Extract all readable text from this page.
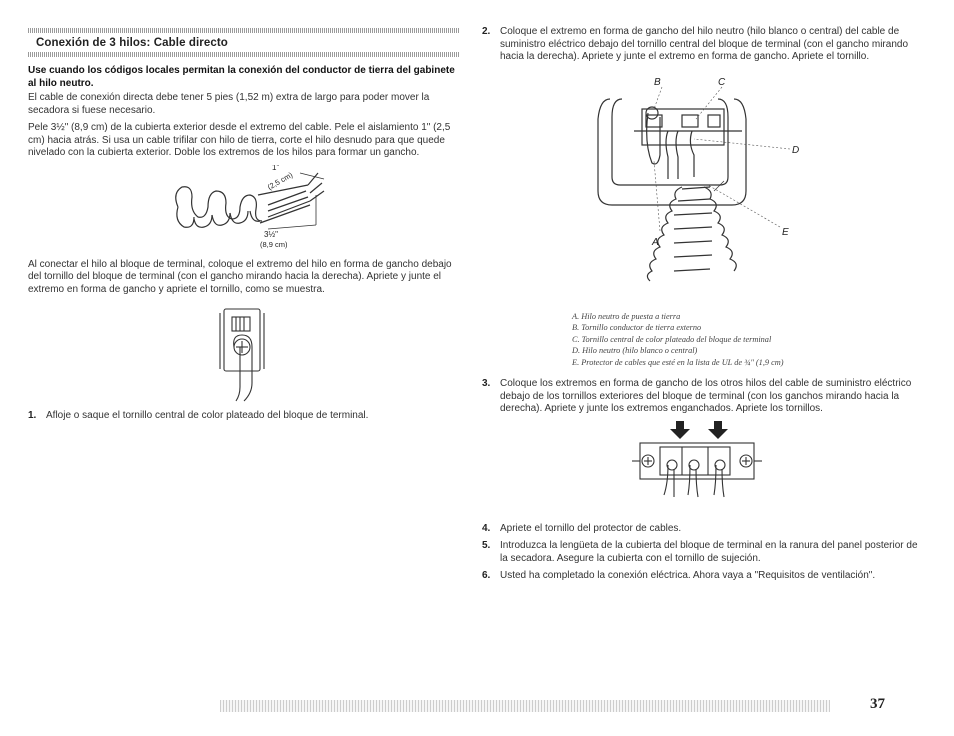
Conexión de 3 hilos: Cable directo
Use cuando los códigos locales permitan la conexión del conductor de tierra del gabinete al hilo neutro.

El cable de conexión directa debe tener 5 pies (1,52 m) extra de largo para poder mover la secadora si fuese necesario.

Pele 3½" (8,9 cm) de la cubierta exterior desde el extremo del cable. Pele el aislamiento 1" (2,5 cm) hacia atrás. Si usa un cable trifilar con hilo de tierra, corte el hilo desnudo para que quede nivelado con la cubierta exterior. Doble los extremos de los hilos para formar un gancho.

1"
(2,5 cm)
3½"
(8,9 cm)

Al conectar el hilo al bloque de terminal, coloque el extremo del hilo en forma de gancho debajo del tornillo del bloque de terminal (con el gancho mirando hacia la derecha). Apriete y junte el extremo en forma de gancho y apriete el tornillo, como se muestra.

1. Afloje o saque el tornillo central de color plateado del bloque de terminal.
2. Coloque el extremo en forma de gancho del hilo neutro (hilo blanco o central) del cable de suministro eléctrico debajo del tornillo central del bloque de terminal (con el gancho mirando hacia la derecha). Apriete y junte el extremo en forma de gancho. Apriete el tornillo.
B	C
D
E
A
A. Hilo neutro de puesta a tierra
B. Tornillo conductor de tierra externo
C. Tornillo central de color plateado del bloque de terminal
D. Hilo neutro (hilo blanco o central)
E. Protector de cables que esté en la lista de UL de ¾" (1,9 cm)
3. Coloque los extremos en forma de gancho de los otros hilos del cable de suministro eléctrico debajo de los tornillos exteriores del bloque de terminal (con los ganchos mirando hacia la derecha). Apriete y junte los extremos enganchados. Apriete los tornillos.
4. Apriete el tornillo del protector de cables.
5. Introduzca la lengüeta de la cubierta del bloque de terminal en la ranura del panel posterior de la secadora. Asegure la cubierta con el tornillo de sujeción.
6. Usted ha completado la conexión eléctrica. Ahora vaya a "Requisitos de ventilación".
37
